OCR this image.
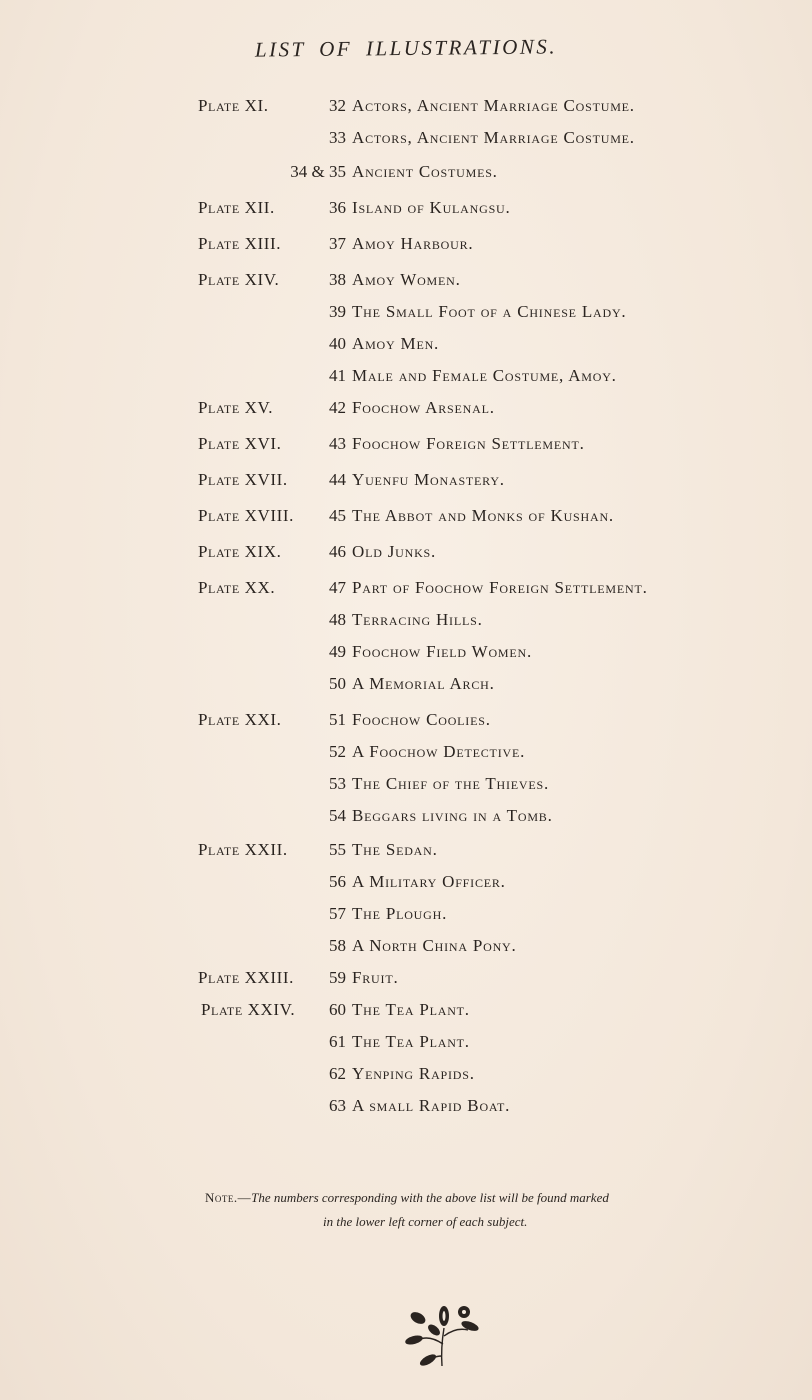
LIST OF ILLUSTRATIONS.
Plate XI.	32 Actors, Ancient Marriage Costume.
33 Actors, Ancient Marriage Costume.
34 & 35 Ancient Costumes.
Plate XII.	36 Island of Kulangsu.
Plate XIII.	37 Amoy Harbour.
Plate XIV.	38 Amoy Women.
39 The Small Foot of a Chinese Lady.
40 Amoy Men.
41 Male and Female Costume, Amoy.
Plate XV.	42 Foochow Arsenal.
Plate XVI.	43 Foochow Foreign Settlement.
Plate XVII.	44 Yuenfu Monastery.
Plate XVIII.	45 The Abbot and Monks of Kushan.
Plate XIX.	46 Old Junks.
Plate XX.	47 Part of Foochow Foreign Settlement.
48 Terracing Hills.
49 Foochow Field Women.
50 A Memorial Arch.
Plate XXI.	51 Foochow Coolies.
52 A Foochow Detective.
53 The Chief of the Thieves.
54 Beggars living in a Tomb.
Plate XXII.	55 The Sedan.
56 A Military Officer.
57 The Plough.
58 A North China Pony.
Plate XXIII.	59 Fruit.
Plate XXIV.	60 The Tea Plant.
61 The Tea Plant.
62 Yenping Rapids.
63 A small Rapid Boat.
Note.—The numbers corresponding with the above list will be found marked
in the lower left corner of each subject.
